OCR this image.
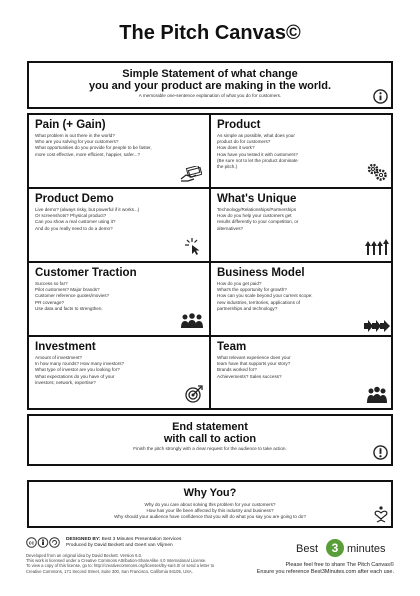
The Pitch Canvas©
Simple Statement of what change
you and your product are making in the world.
A memorable one-sentence explanation of what you do for customers.
Pain (+ Gain)
What problem is out there in the world?
Who are you solving for your customers?
What opportunities do you provide for people to be faster,
more cost effective, more efficient, happier, safer...?
Product
As simple as possible, what does your
product do for customers?
How does it work?
How have you tested it with customers?
(Be sure not to let the product dominate
the pitch.)
Product Demo
Live demo? (always risky, but powerful if it works...)
Or screenshots? Physical product?
Can you show a real customer using it?
And do you really need to do a demo?
What's Unique
Technology/Relationships/Partnerships
How do you help your customers get
results differently to your competition, or
alternatives?
Customer Traction
Success so far?
Pilot customers? Major brands?
Customer reference quotes/movies?
PR coverage?
Use data and facts to strengthen.
Business Model
How do you get paid?
What's the opportunity for growth?
How can you scale beyond your current scope:
new industries, territories, applications of
partnerships and technology?
Investment
Amount of investment?
In how many rounds? How many investors?
What type of investor are you looking for?
What expectations do you have of your
investors; network, expertise?
Team
What relevant experience does your
team have that supports your story?
Brands worked for?
Achievements? Sales success?
End statement
with call to action
Finish the pitch strongly with a clear request for the audience to take action.
Why You?
Why do you care about solving this problem for your customers?
How has your life been affected by this industry and business?
Why should your audience have confidence that you will do what you say you are going to do?
cc
DESIGNED BY: Best 3 Minutes Presentation Services
Produced by David Beckett and Geert van Vlijmen
Developed from an original idea by David Beckett. Version 6.0.
This work is licensed under a Creative Commons Attribution-ShareAlike 4.0 International License.
To view a copy of this license, go to: http://creativecommons.org/licenses/by-sa/4.0/ or send a letter to
Creative Commons, 171 Second Street, Suite 300, San Francisco, California 94105, USA.
Best	3 minutes
Please feel free to share The Pitch Canvas©
Ensure you reference Best3Minutes.com after each use.
